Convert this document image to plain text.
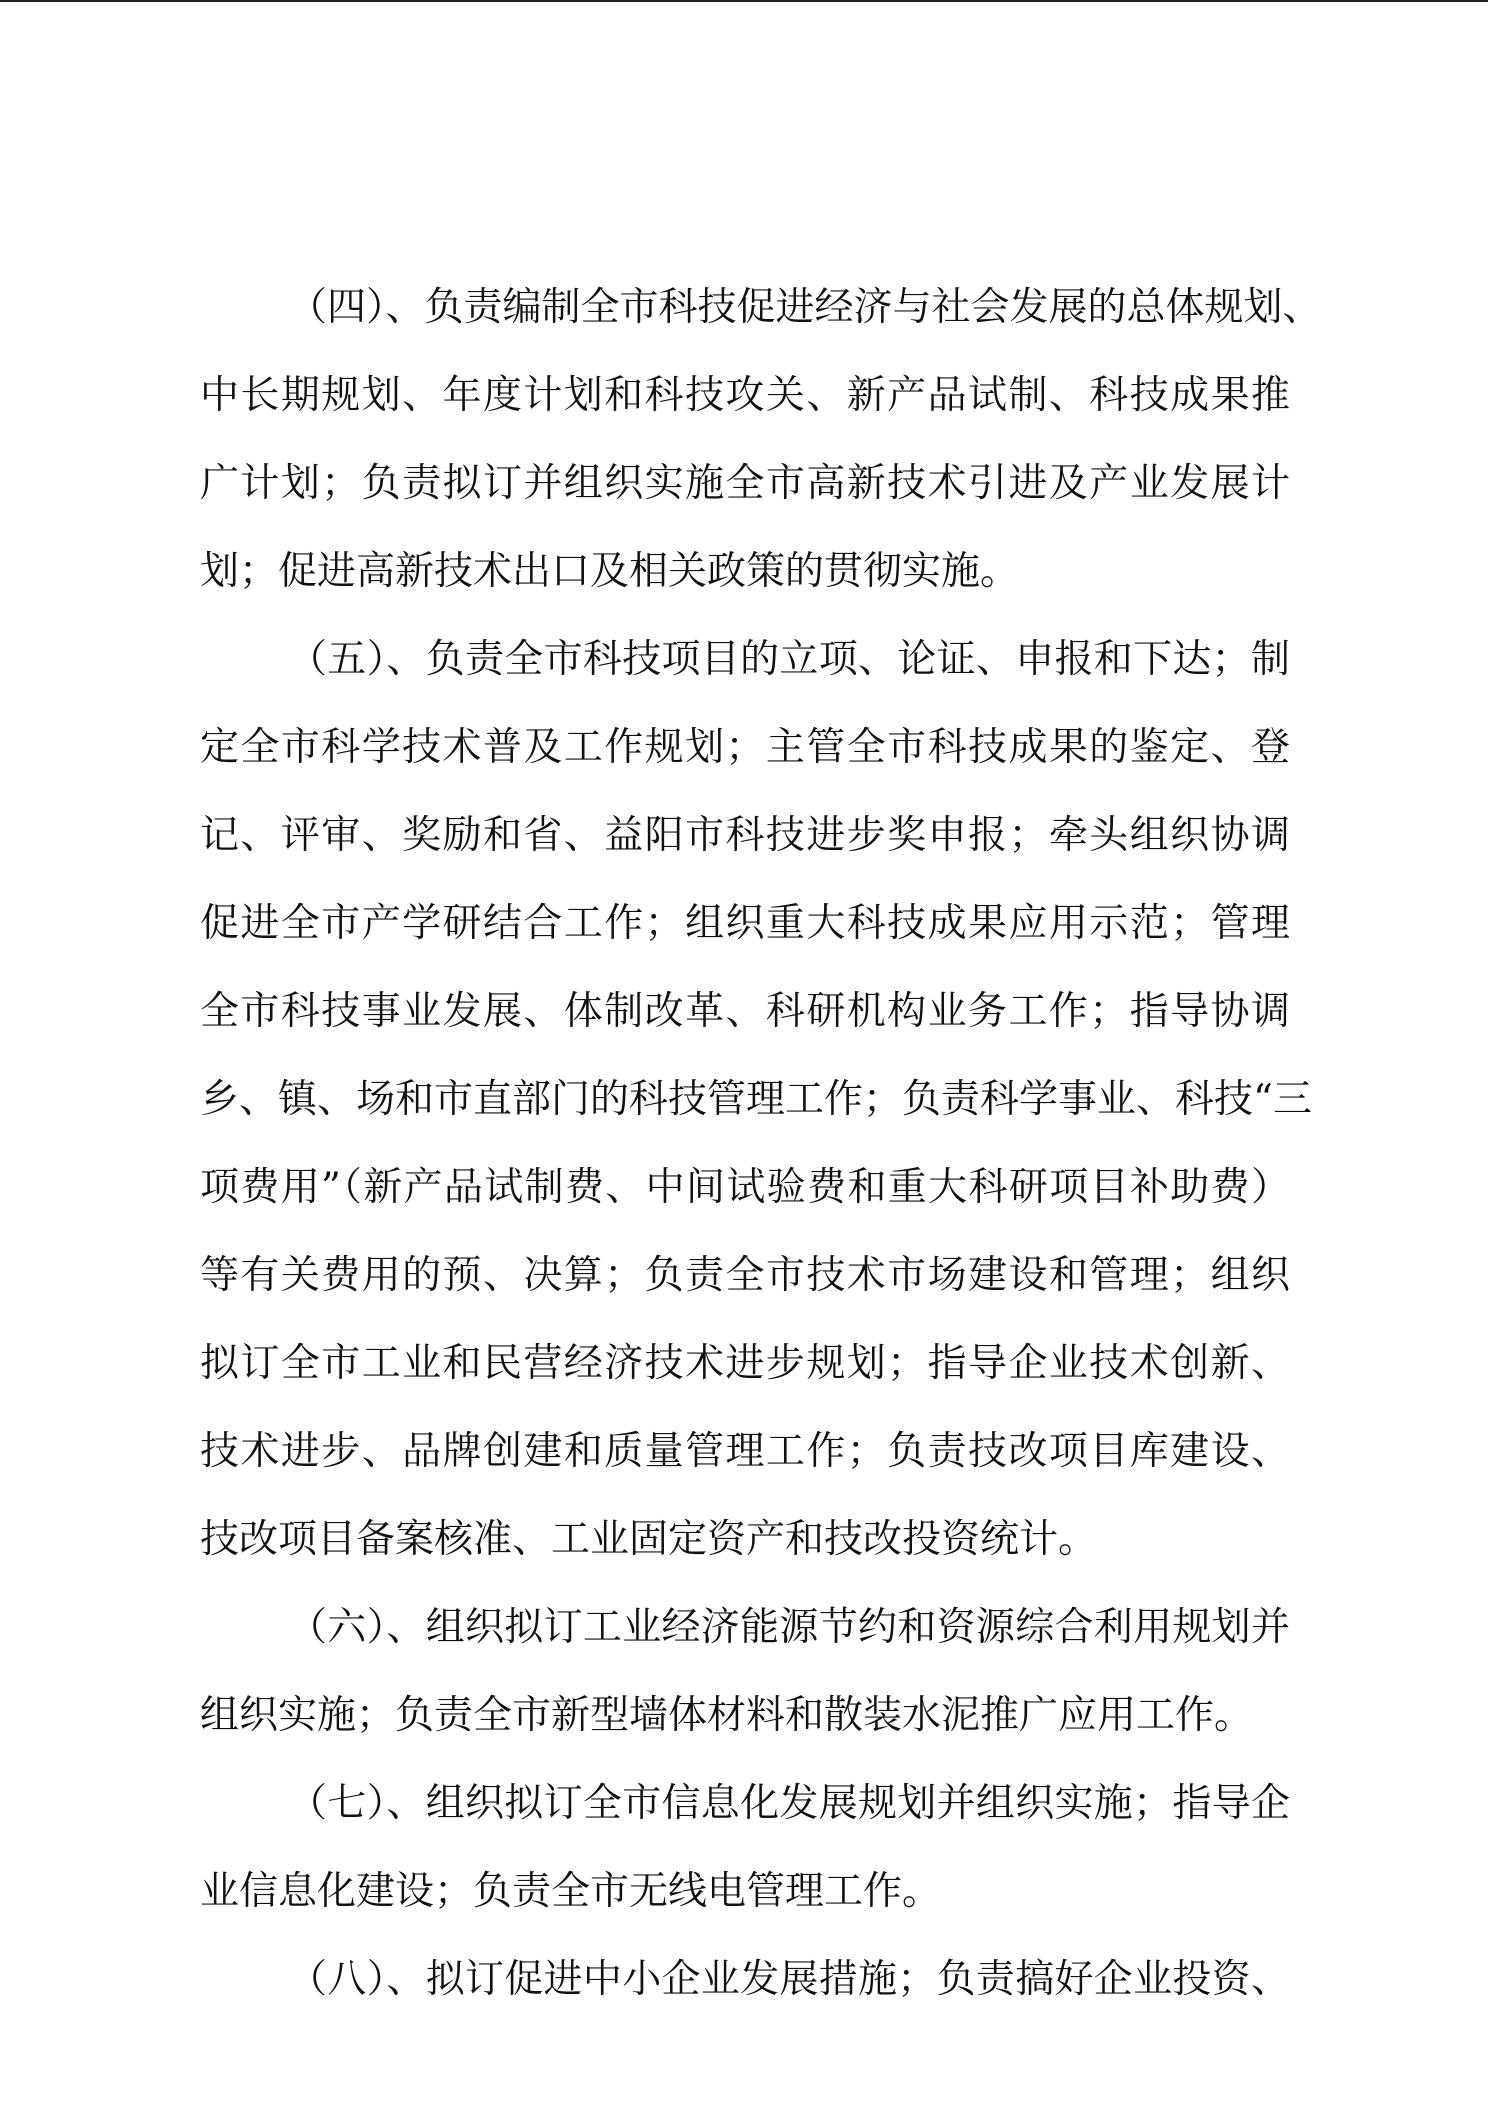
（四）、负责编制全市科技促进经济与社会发展的总体规划、
中长期规划、年度计划和科技攻关、新产品试制、科技成果推
广计划；负责拟订并组织实施全市高新技术引进及产业发展计
划；促进高新技术出口及相关政策的贯彻实施。
（五）、负责全市科技项目的立项、论证、申报和下达；制
定全市科学技术普及工作规划；主管全市科技成果的鉴定、登
记、评审、奖励和省、益阳市科技进步奖申报；牵头组织协调
促进全市产学研结合工作；组织重大科技成果应用示范；管理
全市科技事业发展、体制改革、科研机构业务工作；指导协调
乡、镇、场和市直部门的科技管理工作；负责科学事业、科技“三
项费用”（新产品试制费、中间试验费和重大科研项目补助费）
等有关费用的预、决算；负责全市技术市场建设和管理；组织
拟订全市工业和民营经济技术进步规划；指导企业技术创新、
技术进步、品牌创建和质量管理工作；负责技改项目库建设、
技改项目备案核准、工业固定资产和技改投资统计。
（六）、组织拟订工业经济能源节约和资源综合利用规划并
组织实施；负责全市新型墙体材料和散装水泥推广应用工作。
（七）、组织拟订全市信息化发展规划并组织实施；指导企
业信息化建设；负责全市无线电管理工作。
（八）、拟订促进中小企业发展措施；负责搞好企业投资、
